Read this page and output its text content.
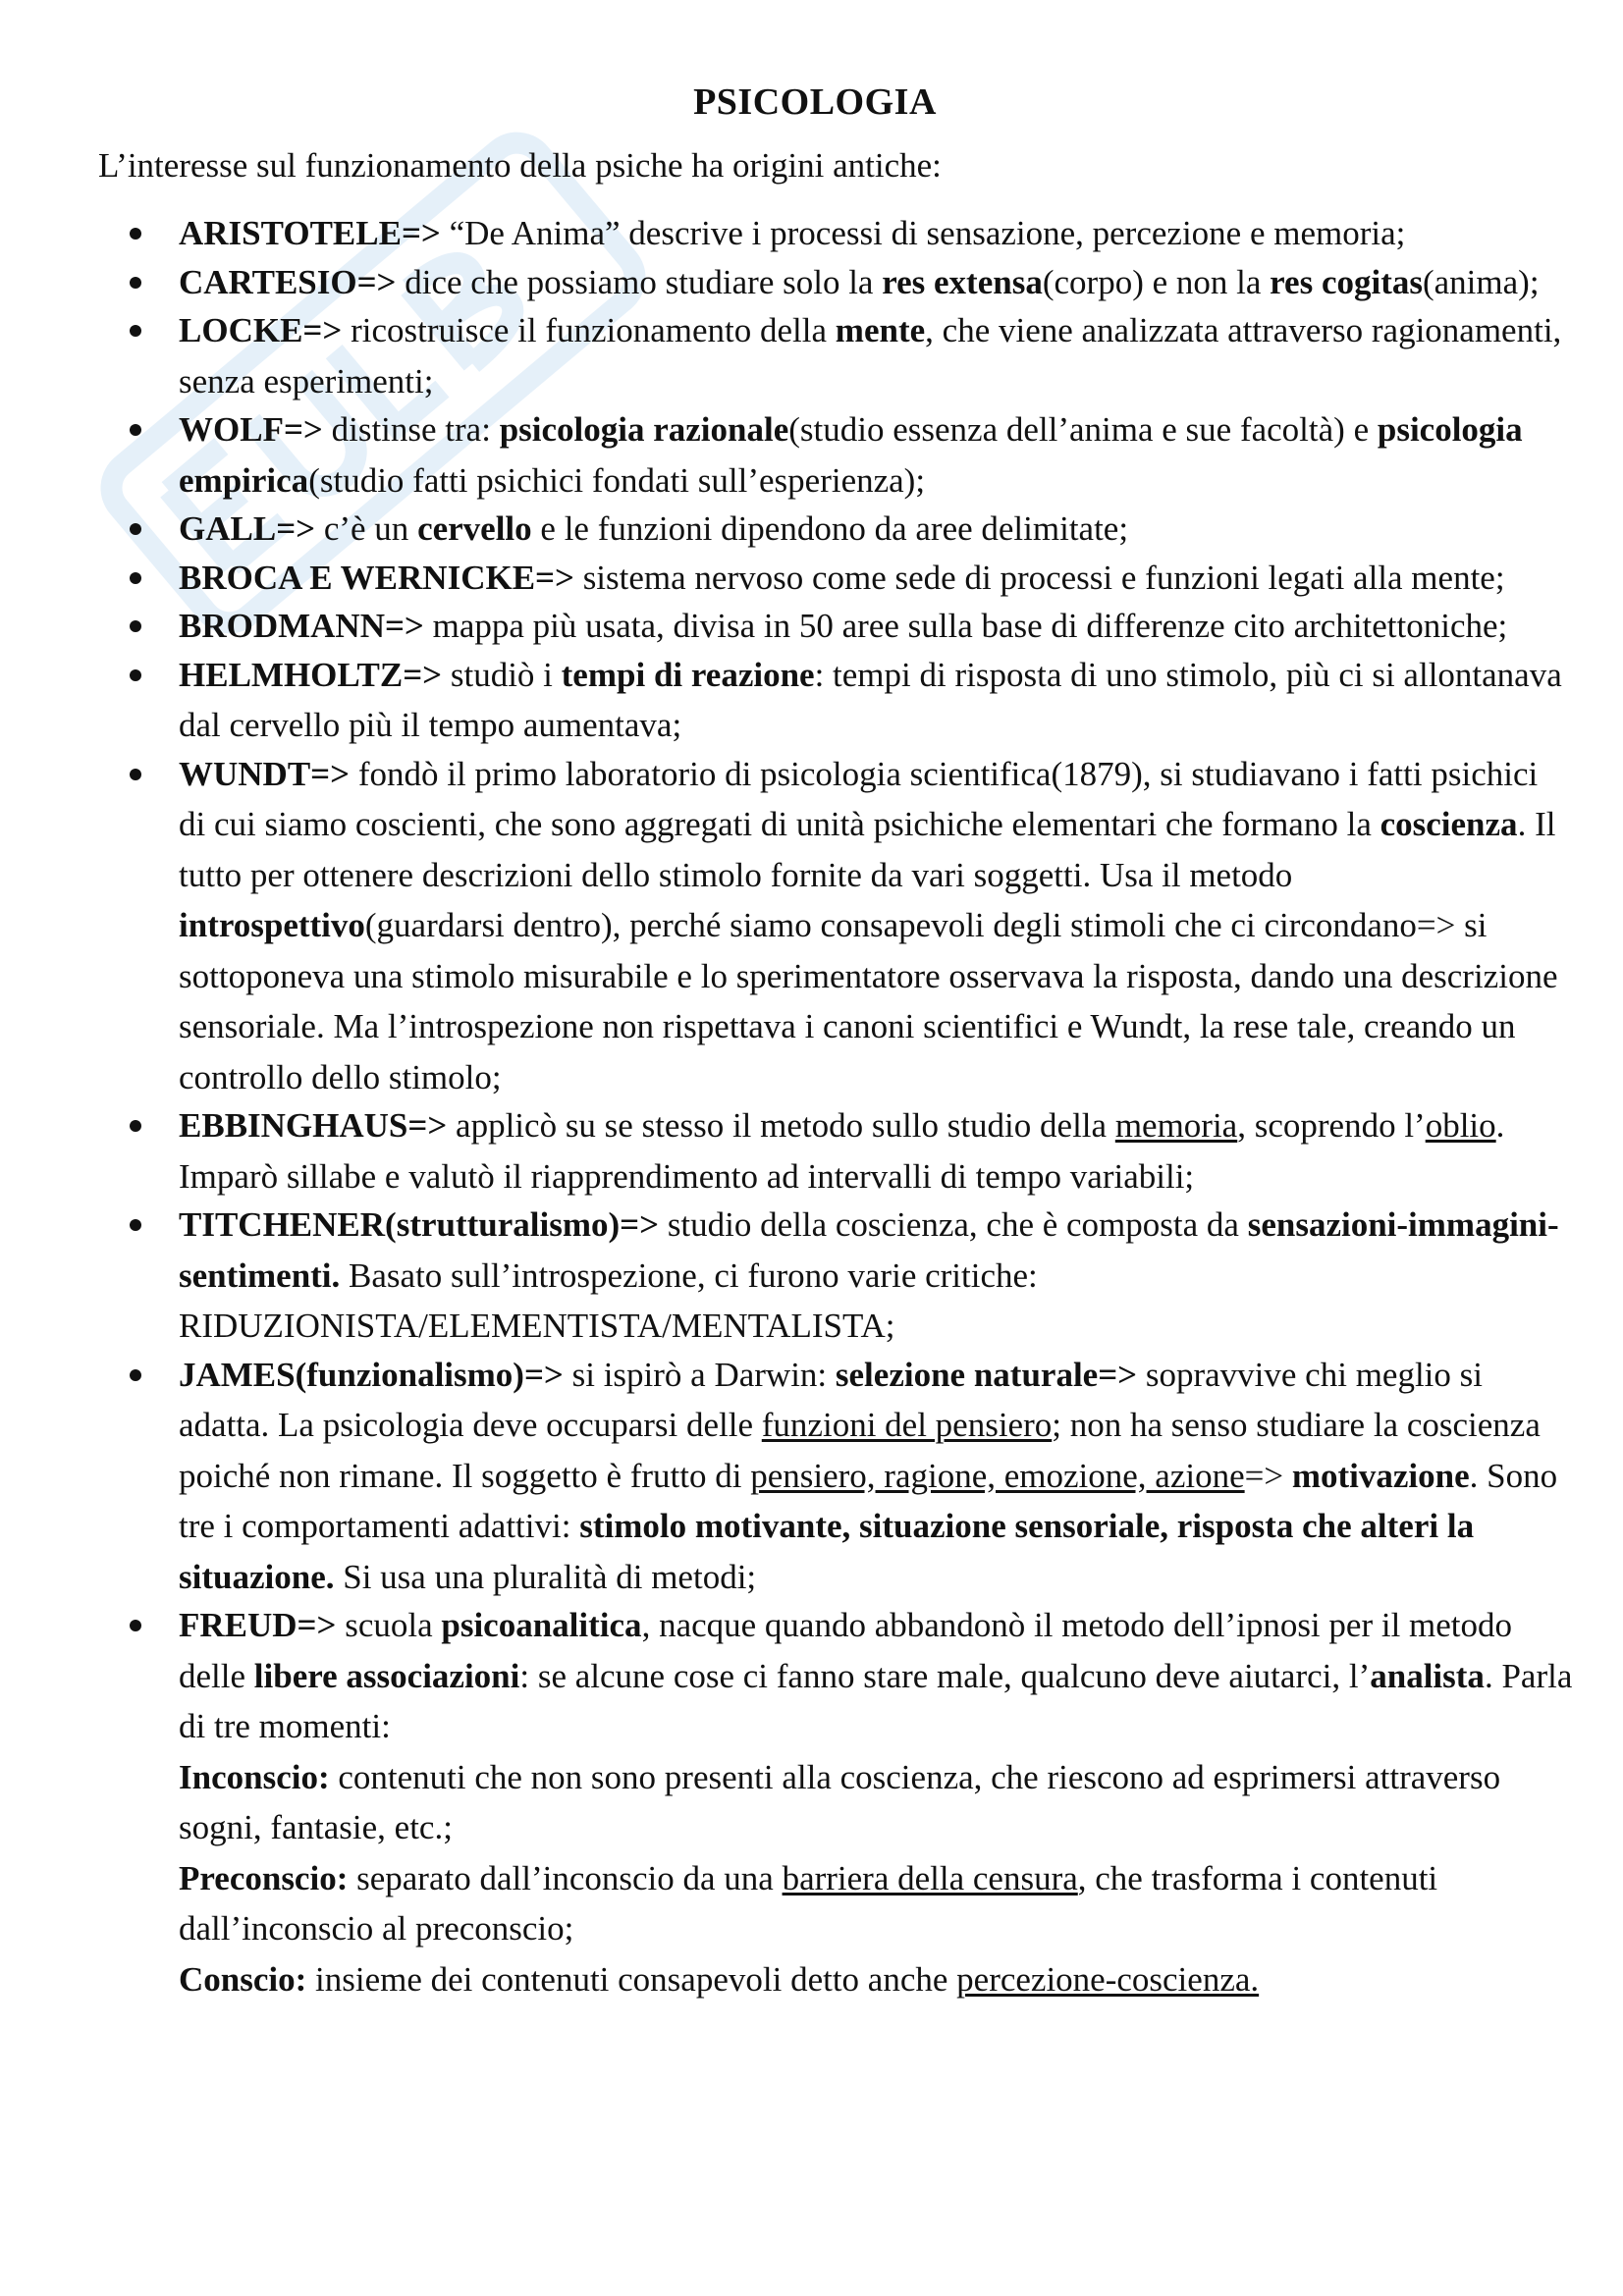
PSICOLOGIA
L’interesse sul funzionamento della psiche ha origini antiche:
ARISTOTELE=> “De Anima” descrive i processi di sensazione, percezione e memoria;
CARTESIO=> dice che possiamo studiare solo la res extensa(corpo) e non la res cogitas(anima);
LOCKE=> ricostruisce il funzionamento della mente, che viene analizzata attraverso ragionamenti, senza esperimenti;
WOLF=> distinse tra: psicologia razionale(studio essenza dell’anima e sue facoltà) e psicologia empirica(studio fatti psichici fondati sull’esperienza);
GALL=> c’è un cervello e le funzioni dipendono da aree delimitate;
BROCA E WERNICKE=> sistema nervoso come sede di processi e funzioni legati alla mente;
BRODMANN=> mappa più usata, divisa in 50 aree sulla base di differenze cito architettoniche;
HELMHOLTZ=> studiò i tempi di reazione: tempi di risposta di uno stimolo, più ci si allontanava dal cervello più il tempo aumentava;
WUNDT=> fondò il primo laboratorio di psicologia scientifica(1879), si studiavano i fatti psichici di cui siamo coscienti, che sono aggregati di unità psichiche elementari che formano la coscienza. Il tutto per ottenere descrizioni dello stimolo fornite da vari soggetti. Usa il metodo introspettivo(guardarsi dentro), perché siamo consapevoli degli stimoli che ci circondano=> si sottoponeva una stimolo misurabile e lo sperimentatore osservava la risposta, dando una descrizione sensoriale. Ma l’introspezione non rispettava i canoni scientifici e Wundt, la rese tale, creando un controllo dello stimolo;
EBBINGHAUS=> applicò su se stesso il metodo sullo studio della memoria, scoprendo l’oblio. Imparò sillabe e valutò il riapprendimento ad intervalli di tempo variabili;
TITCHENER(strutturalismo)=> studio della coscienza, che è composta da sensazioni-immagini-sentimenti. Basato sull’introspezione, ci furono varie critiche: RIDUZIONISTA/ELEMENTISTA/MENTALISTA;
JAMES(funzionalismo)=> si ispirò a Darwin: selezione naturale=> sopravvive chi meglio si adatta. La psicologia deve occuparsi delle funzioni del pensiero; non ha senso studiare la coscienza poiché non rimane. Il soggetto è frutto di pensiero, ragione, emozione, azione=> motivazione. Sono tre i comportamenti adattivi: stimolo motivante, situazione sensoriale, risposta che alteri la situazione. Si usa una pluralità di metodi;
FREUD=> scuola psicoanalitica, nacque quando abbandonò il metodo dell’ipnosi per il metodo delle libere associazioni: se alcune cose ci fanno stare male, qualcuno deve aiutarci, l’analista. Parla di tre momenti:
Inconscio: contenuti che non sono presenti alla coscienza, che riescono ad esprimersi attraverso sogni, fantasie, etc.;
Preconscio: separato dall’inconscio da una barriera della censura, che trasforma i contenuti dall’inconscio al preconscio;
Conscio: insieme dei contenuti consapevoli detto anche percezione-coscienza.
